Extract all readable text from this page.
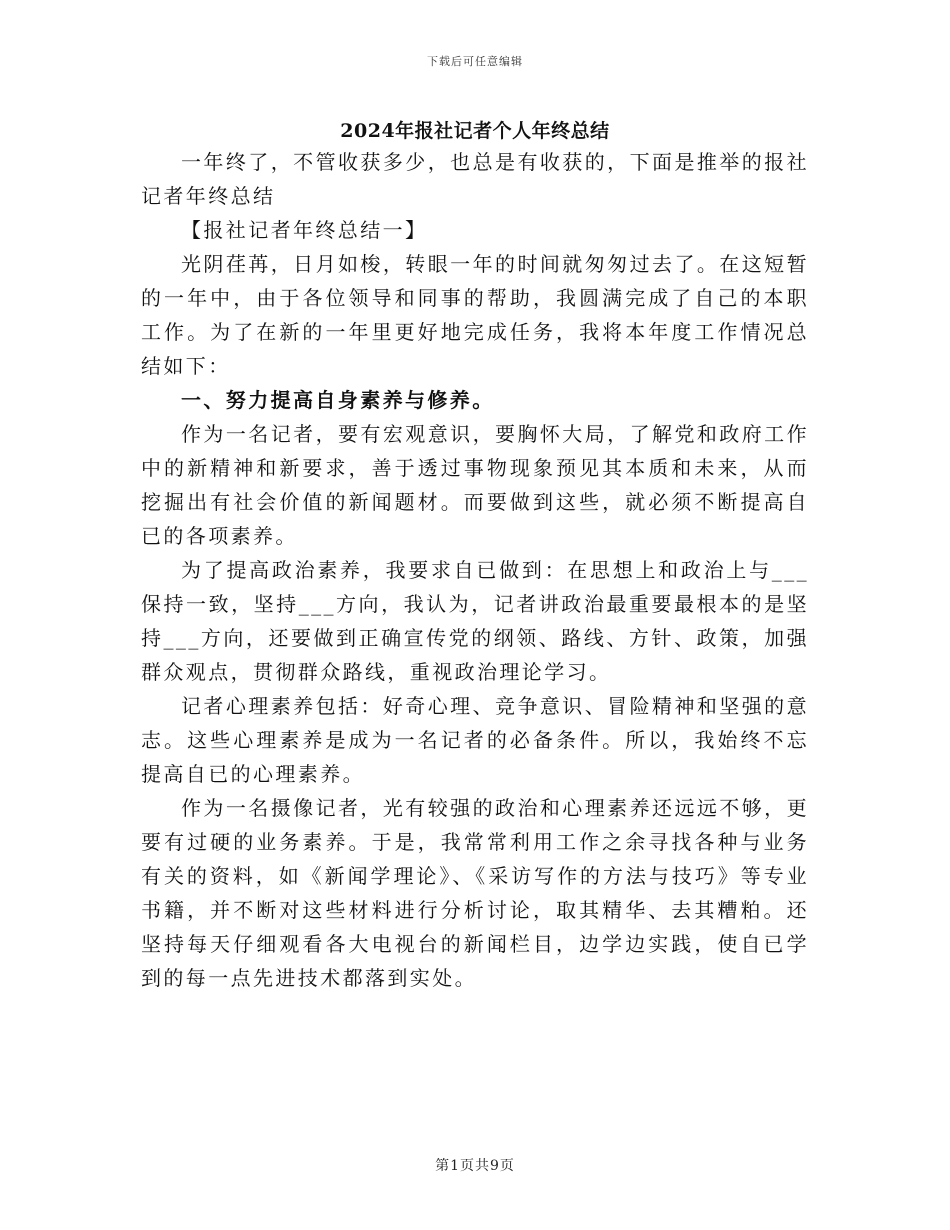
下载后可任意编辑
2024年报社记者个人年终总结

一年终了，不管收获多少，也总是有收获的，下面是推举的报社记者年终总结

【报社记者年终总结一】

光阴荏苒，日月如梭，转眼一年的时间就匆匆过去了。在这短暂的一年中，由于各位领导和同事的帮助，我圆满完成了自己的本职工作。为了在新的一年里更好地完成任务，我将本年度工作情况总结如下：

一、努力提高自身素养与修养。

作为一名记者，要有宏观意识，要胸怀大局，了解党和政府工作中的新精神和新要求，善于透过事物现象预见其本质和未来，从而挖掘出有社会价值的新闻题材。而要做到这些，就必须不断提高自已的各项素养。

为了提高政治素养，我要求自已做到：在思想上和政治上与___保持一致，坚持___方向，我认为，记者讲政治最重要最根本的是坚持___方向，还要做到正确宣传党的纲领、路线、方针、政策，加强群众观点，贯彻群众路线，重视政治理论学习。

记者心理素养包括：好奇心理、竞争意识、冒险精神和坚强的意志。这些心理素养是成为一名记者的必备条件。所以，我始终不忘提高自已的心理素养。

作为一名摄像记者，光有较强的政治和心理素养还远远不够，更要有过硬的业务素养。于是，我常常利用工作之余寻找各种与业务有关的资料，如《新闻学理论》、《采访写作的方法与技巧》等专业书籍，并不断对这些材料进行分析讨论，取其精华、去其糟粕。还坚持每天仔细观看各大电视台的新闻栏目，边学边实践，使自已学到的每一点先进技术都落到实处。

第1页共9页
